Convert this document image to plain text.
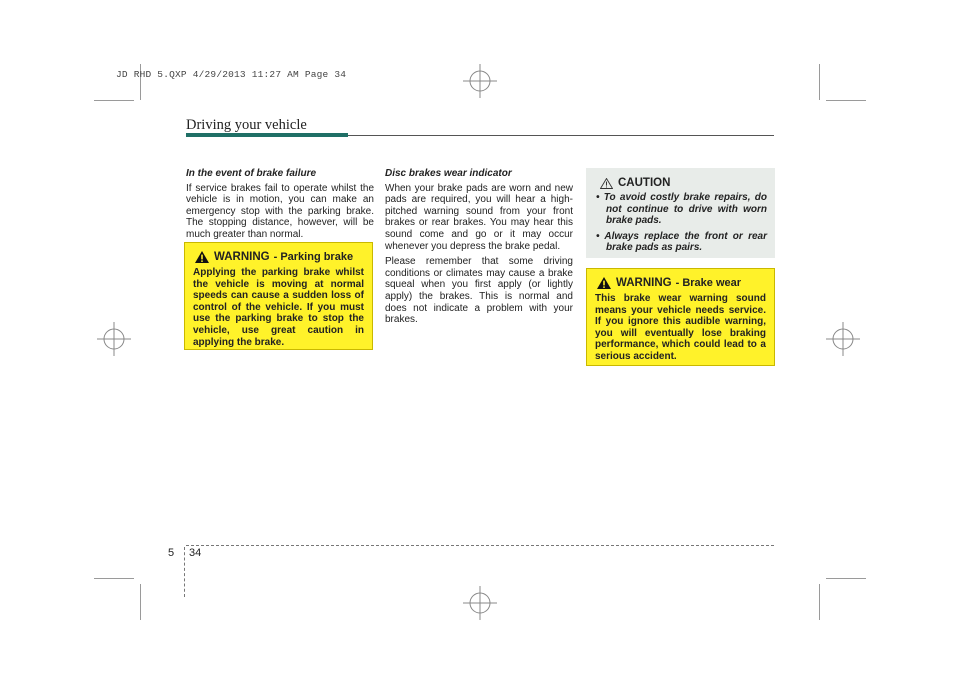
JD RHD 5.QXP 4/29/2013 11:27 AM Page 34
Driving your vehicle
In the event of brake failure

If service brakes fail to operate whilst the vehicle is in motion, you can make an emergency stop with the parking brake. The stopping distance, however, will be much greater than normal.

WARNING - Parking brake
Applying the parking brake whilst the vehicle is moving at normal speeds can cause a sudden loss of control of the vehicle. If you must use the parking brake to stop the vehicle, use great caution in applying the brake.
Disc brakes wear indicator

When your brake pads are worn and new pads are required, you will hear a high-pitched warning sound from your front brakes or rear brakes. You may hear this sound come and go or it may occur whenever you depress the brake pedal.

Please remember that some driving conditions or climates may cause a brake squeal when you first apply (or lightly apply) the brakes. This is normal and does not indicate a problem with your brakes.

CAUTION
• To avoid costly brake repairs, do not continue to drive with worn brake pads.
• Always replace the front or rear brake pads as pairs.
WARNING - Brake wear
This brake wear warning sound means your vehicle needs service. If you ignore this audible warning, you will eventually lose braking performance, which could lead to a serious accident.
5 34
